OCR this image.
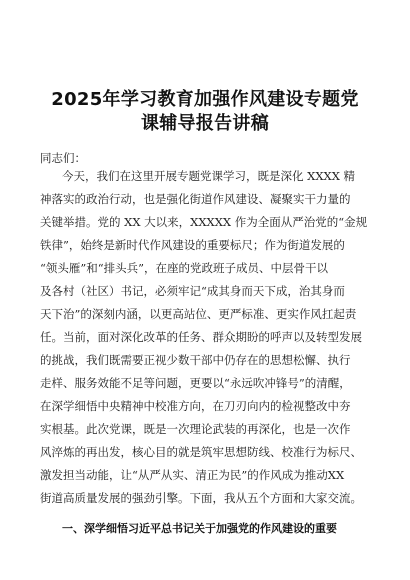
2025年学习教育加强作风建设专题党
课辅导报告讲稿

同志们：

今天，我们在这里开展专题党课学习，既是深化 XXXX 精

神落实的政治行动，也是强化街道作风建设、凝聚实干力量的

关键举措。党的 XX 大以来，XXXXX 作为全面从严治党的“金规

铁律”，始终是新时代作风建设的重要标尺；作为街道发展的

“领头雁”和“排头兵”，在座的党政班子成员、中层骨干以

及各村（社区）书记，必须牢记“成其身而天下成，治其身而

天下治”的深刻内涵，以更高站位、更严标准、更实作风扛起责

任。当前，面对深化改革的任务、群众期盼的呼声以及转型发展

的挑战，我们既需要正视少数干部中仍存在的思想松懈、执行

走样、服务效能不足等问题，更要以“永远吹冲锋号”的清醒，

在深学细悟中央精神中校准方向，在刀刃向内的检视整改中夯

实根基。此次党课，既是一次理论武装的再深化，也是一次作

风淬炼的再出发，核心目的就是筑牢思想防线、校准行为标尺、

激发担当动能，让“从严从实、清正为民”的作风成为推动XX

街道高质量发展的强劲引擎。下面，我从五个方面和大家交流。

一、深学细悟习近平总书记关于加强党的作风建设的重要
